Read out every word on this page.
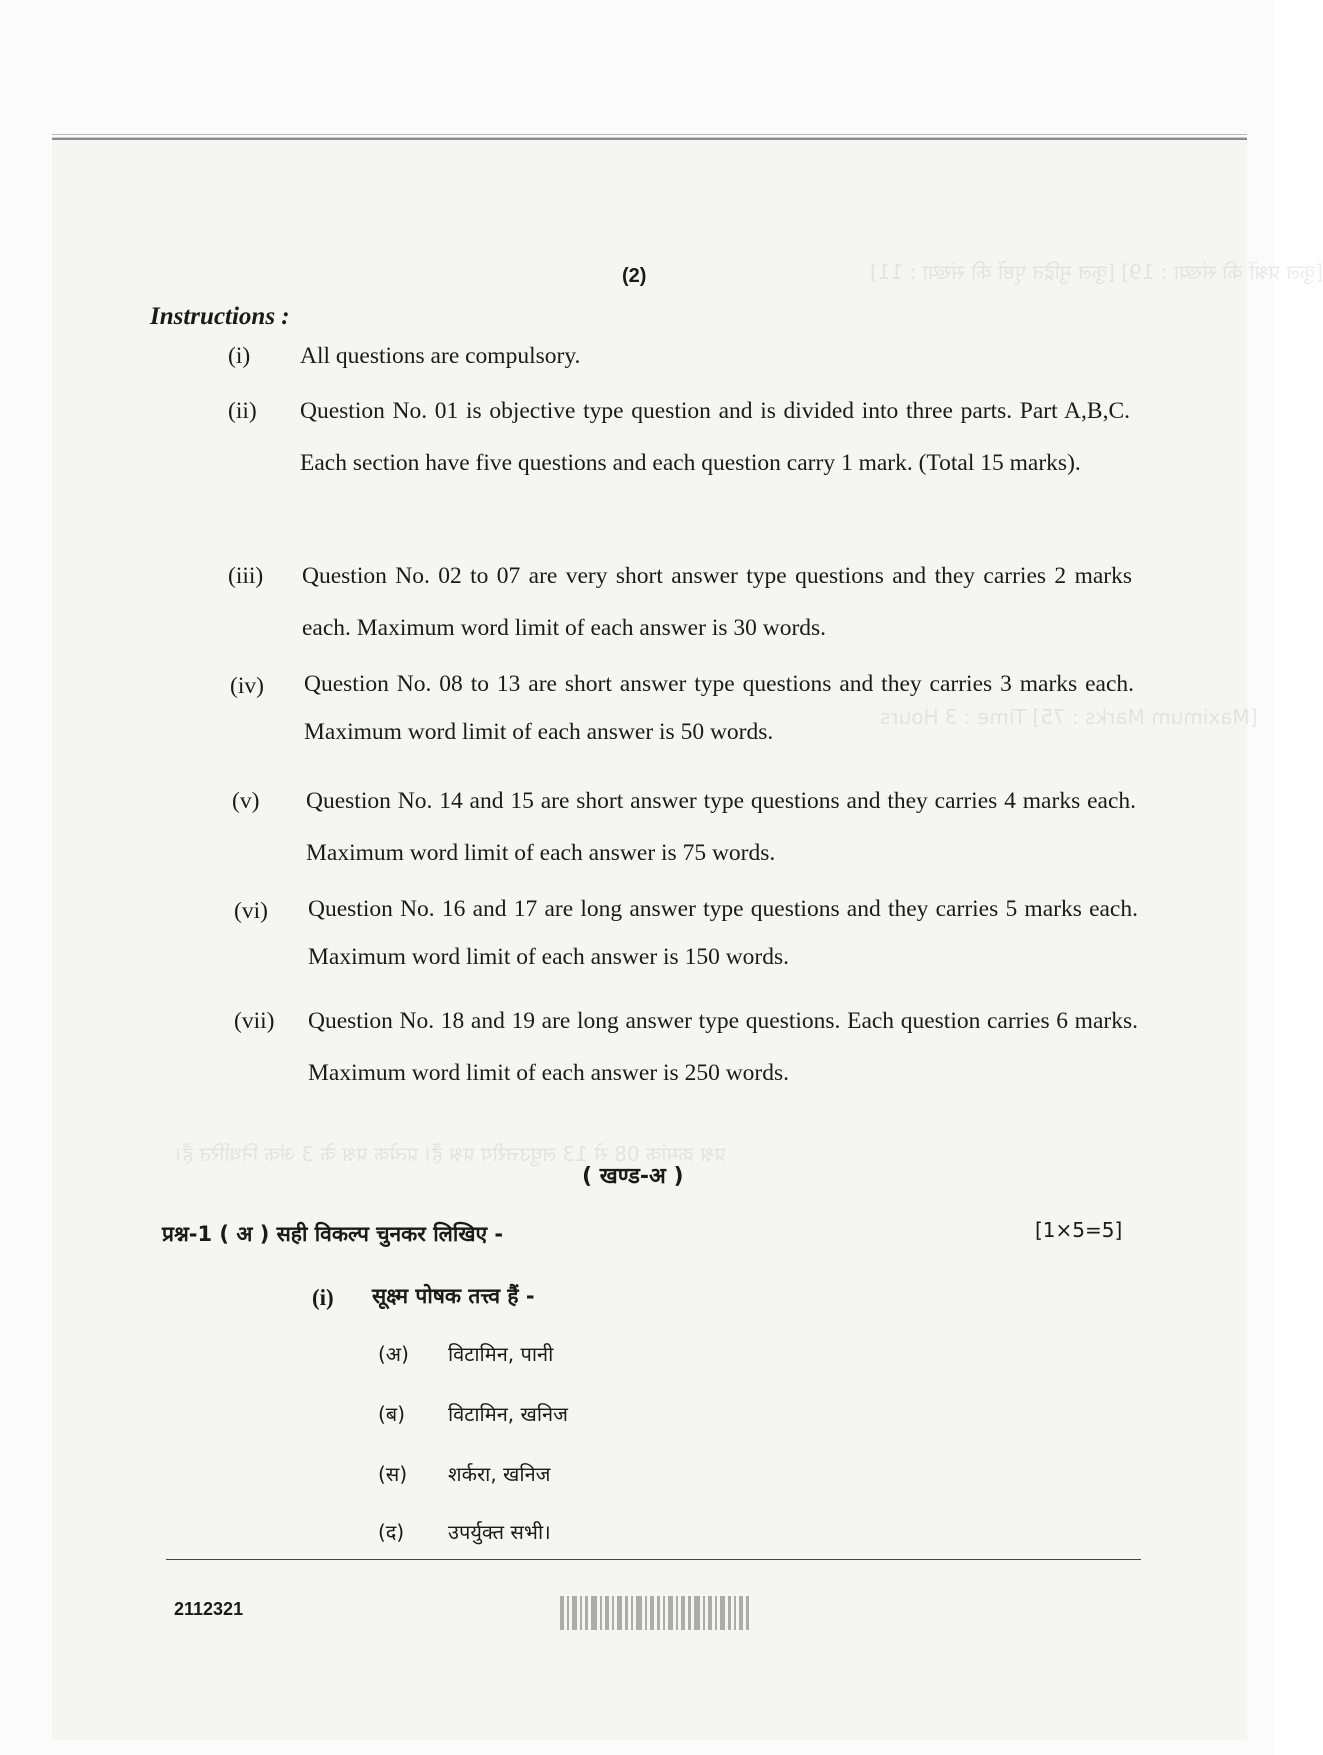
[कुल प्रश्नों की संख्या : 19] [कुल मुद्रित पृष्ठों की संख्या : 11]
[Maximum Marks : 75] Time : 3 Hours
प्रश्न क्रमांक 08 से 13 लघुउत्तरीय प्रश्न हैं। प्रत्येक प्रश्न के 3 अंक निर्धारित हैं।
(2)
Instructions :
(i)	All questions are compulsory.
(ii)	Question No. 01 is objective type question and is divided into three parts. Part A,B,C. Each section have five questions and each question carry 1 mark. (Total 15 marks).
(iii)	Question No. 02 to 07 are very short answer type questions and they carries 2 marks each. Maximum word limit of each answer is 30 words.
(iv)	Question No. 08 to 13 are short answer type questions and they carries 3 marks each. Maximum word limit of each answer is 50 words.
(v)	Question No. 14 and 15 are short answer type questions and they carries 4 marks each. Maximum word limit of each answer is 75 words.
(vi)	Question No. 16 and 17 are long answer type questions and they carries 5 marks each. Maximum word limit of each answer is 150 words.
(vii)	Question No. 18 and 19 are long answer type questions. Each question carries 6 marks. Maximum word limit of each answer is 250 words.
( खण्ड-अ )
प्रश्न-1 ( अ ) सही विकल्प चुनकर लिखिए -	[1×5=5]
(i) सूक्ष्म पोषक तत्त्व हैं -
(अ) विटामिन, पानी
(ब) विटामिन, खनिज
(स) शर्करा, खनिज
(द) उपर्युक्त सभी।
2112321
